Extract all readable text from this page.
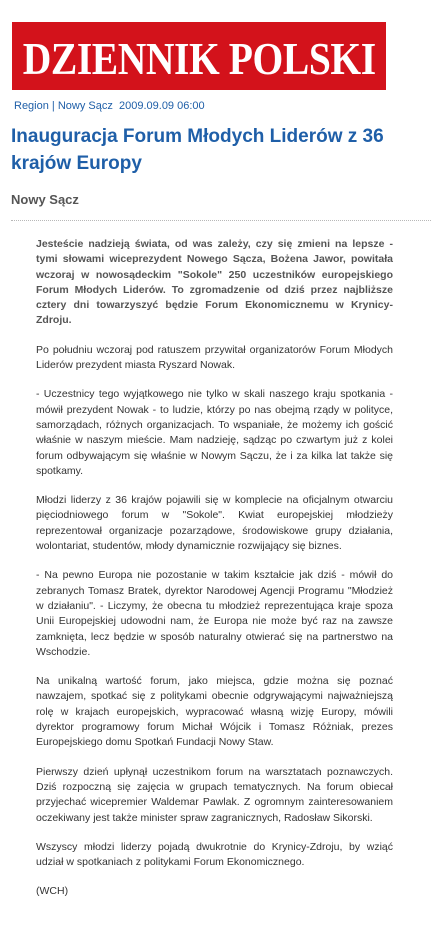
DZIENNIK POLSKI
Region | Nowy Sącz 2009.09.09 06:00
Inauguracja Forum Młodych Liderów z 36 krajów Europy
Nowy Sącz

Jesteście nadzieją świata, od was zależy, czy się zmieni na lepsze - tymi słowami wiceprezydent Nowego Sącza, Bożena Jawor, powitała wczoraj w nowosądeckim "Sokole" 250 uczestników europejskiego Forum Młodych Liderów. To zgromadzenie od dziś przez najbliższe cztery dni towarzyszyć będzie Forum Ekonomicznemu w Krynicy-Zdroju.

Po południu wczoraj pod ratuszem przywitał organizatorów Forum Młodych Liderów prezydent miasta Ryszard Nowak.

- Uczestnicy tego wyjątkowego nie tylko w skali naszego kraju spotkania - mówił prezydent Nowak - to ludzie, którzy po nas obejmą rządy w polityce, samorządach, różnych organizacjach. To wspaniałe, że możemy ich gościć właśnie w naszym mieście. Mam nadzieję, sądząc po czwartym już z kolei forum odbywającym się właśnie w Nowym Sączu, że i za kilka lat także się spotkamy.

Młodzi liderzy z 36 krajów pojawili się w komplecie na oficjalnym otwarciu pięciodniowego forum w "Sokole". Kwiat europejskiej młodzieży reprezentował organizacje pozarządowe, środowiskowe grupy działania, wolontariat, studentów, młody dynamicznie rozwijający się biznes.

- Na pewno Europa nie pozostanie w takim kształcie jak dziś - mówił do zebranych Tomasz Bratek, dyrektor Narodowej Agencji Programu "Młodzież w działaniu". - Liczymy, że obecna tu młodzież reprezentująca kraje spoza Unii Europejskiej udowodni nam, że Europa nie może być raz na zawsze zamknięta, lecz będzie w sposób naturalny otwierać się na partnerstwo na Wschodzie.

Na unikalną wartość forum, jako miejsca, gdzie można się poznać nawzajem, spotkać się z politykami obecnie odgrywającymi najważniejszą rolę w krajach europejskich, wypracować własną wizję Europy, mówili dyrektor programowy forum Michał Wójcik i Tomasz Różniak, prezes Europejskiego domu Spotkań Fundacji Nowy Staw.

Pierwszy dzień upłynął uczestnikom forum na warsztatach poznawczych. Dziś rozpoczną się zajęcia w grupach tematycznych. Na forum obiecał przyjechać wicepremier Waldemar Pawlak. Z ogromnym zainteresowaniem oczekiwany jest także minister spraw zagranicznych, Radosław Sikorski.

Wszyscy młodzi liderzy pojadą dwukrotnie do Krynicy-Zdroju, by wziąć udział w spotkaniach z politykami Forum Ekonomicznego.

(WCH)
